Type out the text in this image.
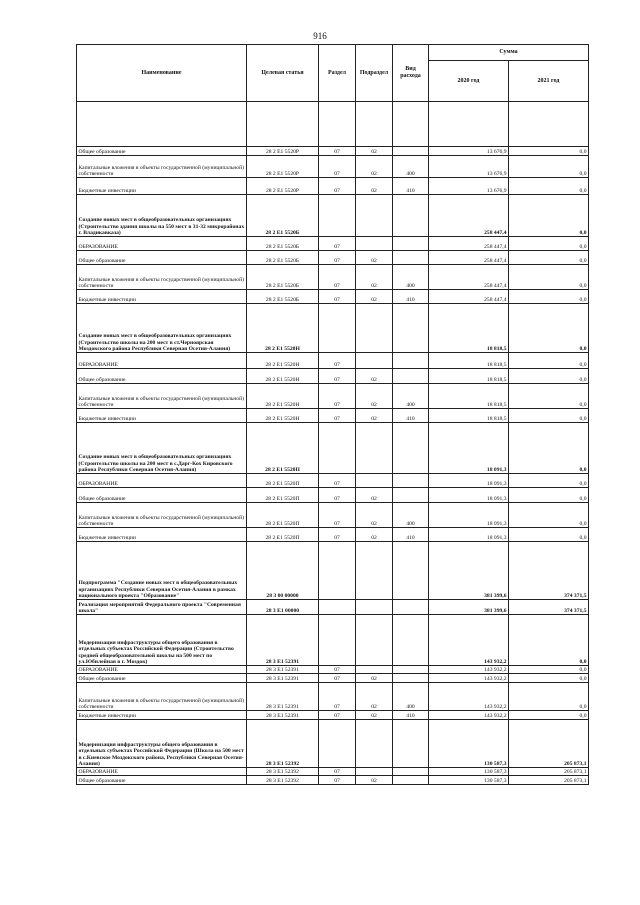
916
Наименование	Целевая статья	Раздел	Подраздел	Вид расхода	Сумма	
					2020 год	2021 год

Общее образование	28 2 Е1 5520Р	07	02		13 676,9	0,0
Капитальные вложения в объекты государственной (муниципальной) собственности	28 2 Е1 5520Р	07	02	400	13 676,9	0,0
Бюджетные инвестиции	28 2 Е1 5520Р	07	02	410	13 676,9	0,0
Создание новых мест в общеобразовательных организациях (Строительство здания школы на 550 мест в 31-32 микрорайонах г. Владикавказа)	28 2 Е1 5520Б				258 447,4	0,0
ОБРАЗОВАНИЕ	28 2 Е1 5520Б	07			258 447,4	0,0
Общее образование	28 2 Е1 5520Б	07	02		258 447,4	0,0
Капитальные вложения в объекты государственной (муниципальной) собственности	28 2 Е1 5520Б	07	02	400	258 447,4	0,0
Бюджетные инвестиции	28 2 Е1 5520Б	07	02	410	258 447,4	0,0
Создание новых мест в общеобразовательных организациях (Строительство школы на 200 мест в ст.Черноярская Моздокского района Республики Северная Осетия-Алания)	28 2 Е1 5520Н				18 818,5	0,0
ОБРАЗОВАНИЕ	28 2 Е1 5520Н	07			18 818,5	0,0
Общее образование	28 2 Е1 5520Н	07	02		18 818,5	0,0
Капитальные вложения в объекты государственной (муниципальной) собственности	28 2 Е1 5520Н	07	02	400	18 818,5	0,0
Бюджетные инвестиции	28 2 Е1 5520Н	07	02	410	18 818,5	0,0
Создание новых мест в общеобразовательных организациях (Строительство школы на 200 мест в с.Дарг-Кох Кировского района Республики Северная Осетия-Алания)	28 2 Е1 5520П				18 091,3	0,0
ОБРАЗОВАНИЕ	28 2 Е1 5520П	07			18 091,3	0,0
Общее образование	28 2 Е1 5520П	07	02		18 091,3	0,0
Капитальные вложения в объекты государственной (муниципальной) собственности	28 2 Е1 5520П	07	02	400	18 091,3	0,0
Бюджетные инвестиции	28 2 Е1 5520П	07	02	410	18 091,3	0,0
Подпрограмма "Создание новых мест в общеобразовательных организациях Республики Северная Осетия-Алания в рамках национального проекта "Образование"	28 3 00 00000				381 399,6	374 371,5
Реализация мероприятий Федерального проекта "Современная школа"	28 3 Е1 00000				381 399,6	374 371,5
Модернизация инфраструктуры общего образования в отдельных субъектах Российской Федерации (Строительство средней общеобразовательной школы на 500 мест по ул.Юбилейная в г. Моздок)	28 3 Е1 52391				143 932,2	0,0
ОБРАЗОВАНИЕ	28 3 Е1 52391	07			143 932,2	0,0
Общее образование	28 3 Е1 52391	07	02		143 932,2	0,0
Капитальные вложения в объекты государственной (муниципальной) собственности	28 3 Е1 52391	07	02	400	143 932,2	0,0
Бюджетные инвестиции	28 3 Е1 52391	07	02	410	143 932,2	0,0
Модернизация инфраструктуры общего образования в отдельных субъектах Российской Федерации (Школа на 500 мест в с.Киевское Моздокского района, Республики Северная Осетия-Алания)	28 3 Е1 52392				130 587,3	205 873,1
ОБРАЗОВАНИЕ	28 3 Е1 52392	07			130 587,3	205 873,1
Общее образование	28 3 Е1 52392	07	02		130 587,3	205 873,1
